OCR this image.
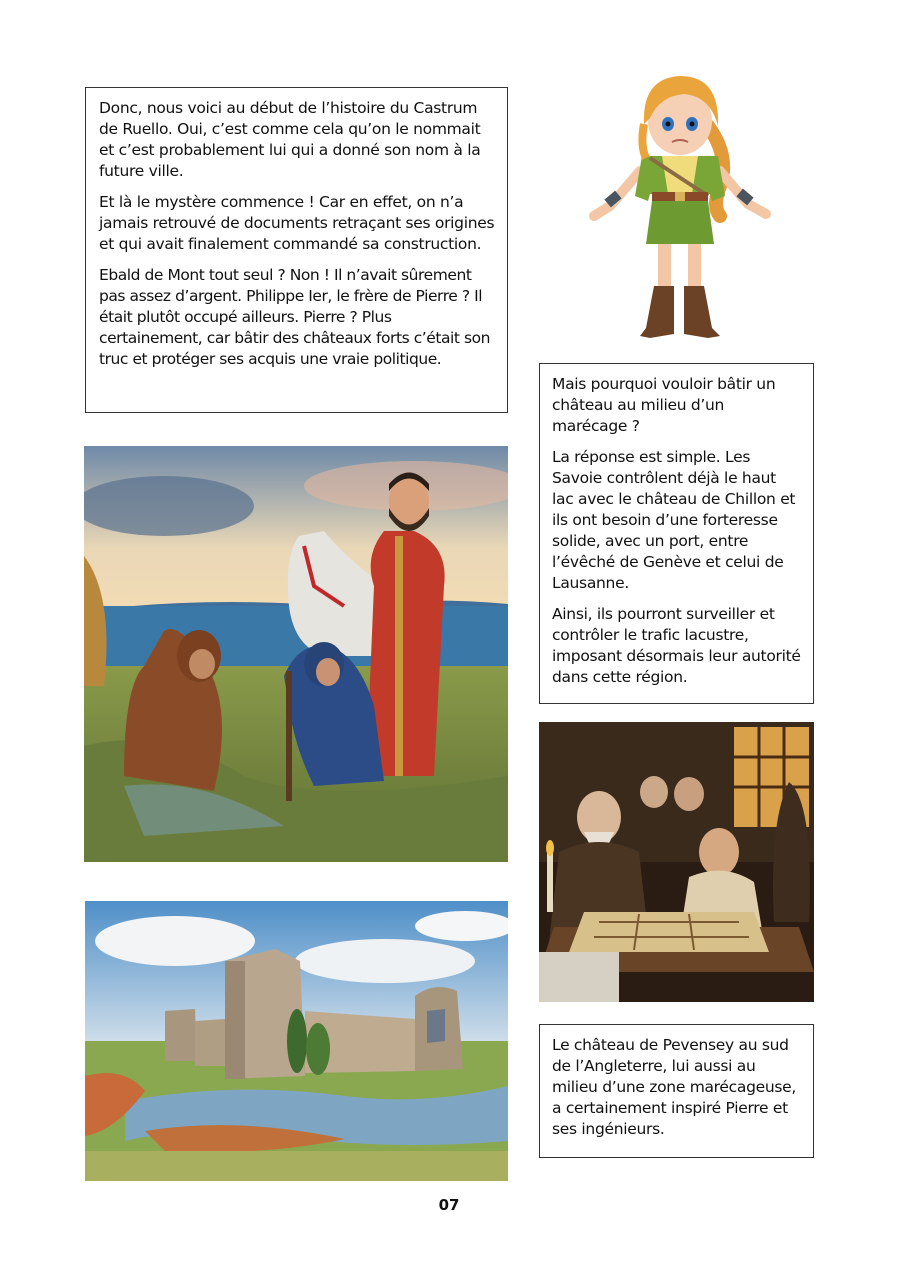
Donc, nous voici au début de l’histoire du Castrum de Ruello. Oui, c’est comme cela qu’on le nommait et c’est probablement lui qui a donné son nom à la future ville.

Et là le mystère commence ! Car en effet, on n’a jamais retrouvé de documents retraçant ses origines et qui avait finalement commandé sa construction.

Ebald de Mont tout seul ? Non ! Il n’avait sûrement pas assez d’argent. Philippe Ier, le frère de Pierre ? Il était plutôt occupé ailleurs. Pierre ? Plus certainement, car bâtir des châteaux forts c’était son truc et protéger ses acquis une vraie politique.

Mais pourquoi vouloir bâtir un château au milieu d’un marécage ?

La réponse est simple. Les Savoie contrôlent déjà le haut lac avec le château de Chillon et ils ont besoin d’une forteresse solide, avec un port, entre l’évêché de Genève et celui de Lausanne.

Ainsi, ils pourront surveiller et contrôler le trafic lacustre, imposant désormais leur autorité dans cette région.

Le château de Pevensey au sud de l’Angleterre, lui aussi au milieu d’une zone marécageuse, a certainement inspiré Pierre et ses ingénieurs.

07
